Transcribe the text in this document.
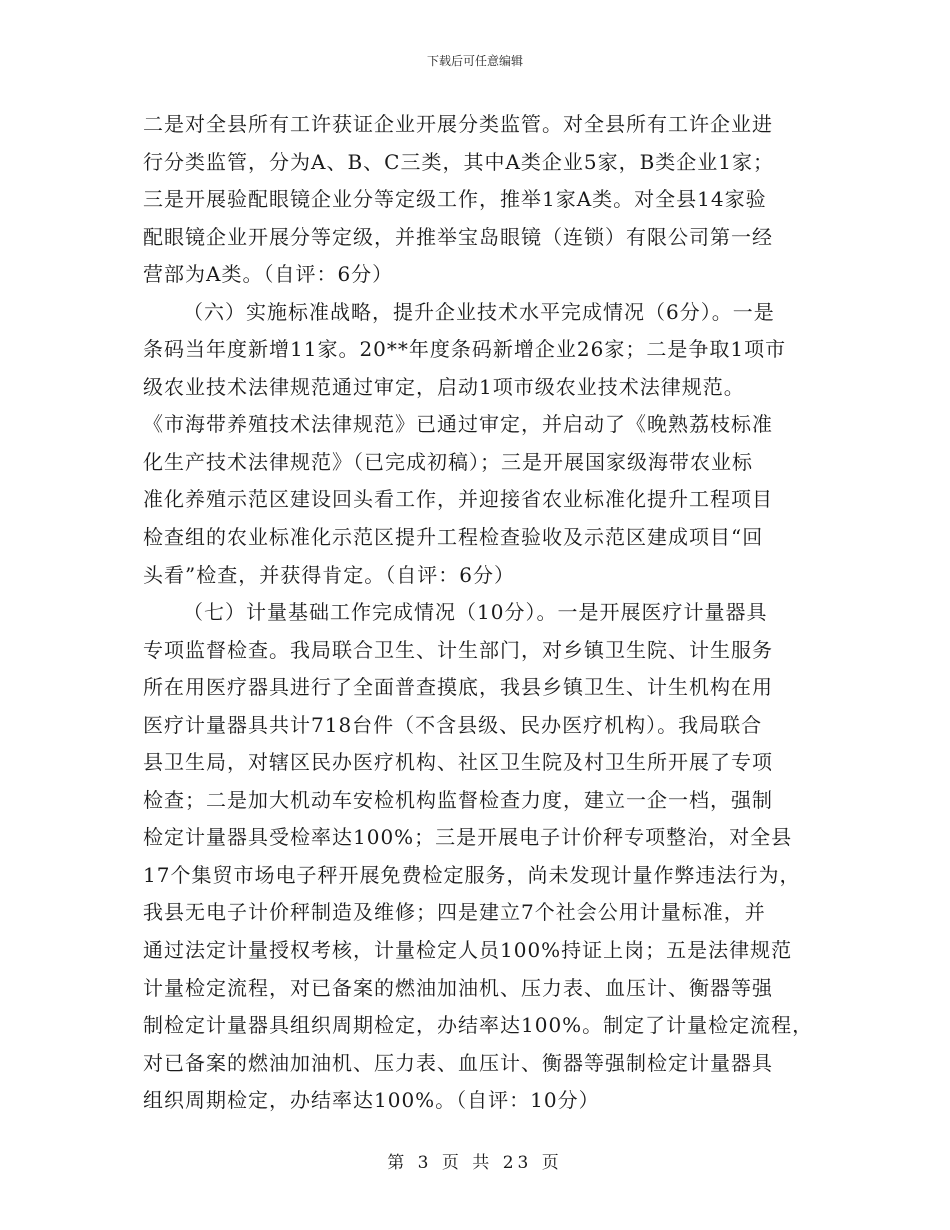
下载后可任意编辑
二是对全县所有工许获证企业开展分类监管。对全县所有工许企业进
行分类监管，分为A、B、C三类，其中A类企业5家，B类企业1家；
三是开展验配眼镜企业分等定级工作，推举1家A类。对全县14家验
配眼镜企业开展分等定级，并推举宝岛眼镜（连锁）有限公司第一经
营部为A类。（自评：6分）
（六）实施标准战略，提升企业技术水平完成情况（6分）。一是
条码当年度新增11家。20**年度条码新增企业26家；二是争取1项市
级农业技术法律规范通过审定，启动1项市级农业技术法律规范。
《市海带养殖技术法律规范》已通过审定，并启动了《晚熟荔枝标准
化生产技术法律规范》（已完成初稿）；三是开展国家级海带农业标
准化养殖示范区建设回头看工作，并迎接省农业标准化提升工程项目
检查组的农业标准化示范区提升工程检查验收及示范区建成项目“回
头看”检查，并获得肯定。（自评：6分）
（七）计量基础工作完成情况（10分）。一是开展医疗计量器具
专项监督检查。我局联合卫生、计生部门，对乡镇卫生院、计生服务
所在用医疗器具进行了全面普查摸底，我县乡镇卫生、计生机构在用
医疗计量器具共计718台件（不含县级、民办医疗机构）。我局联合
县卫生局，对辖区民办医疗机构、社区卫生院及村卫生所开展了专项
检查；二是加大机动车安检机构监督检查力度，建立一企一档，强制
检定计量器具受检率达100%；三是开展电子计价秤专项整治，对全县
17个集贸市场电子秤开展免费检定服务，尚未发现计量作弊违法行为，
我县无电子计价秤制造及维修；四是建立7个社会公用计量标准，并
通过法定计量授权考核，计量检定人员100%持证上岗；五是法律规范
计量检定流程，对已备案的燃油加油机、压力表、血压计、衡器等强
制检定计量器具组织周期检定，办结率达100%。制定了计量检定流程，
对已备案的燃油加油机、压力表、血压计、衡器等强制检定计量器具
组织周期检定，办结率达100%。（自评：10分）
第 3 页 共 23 页
